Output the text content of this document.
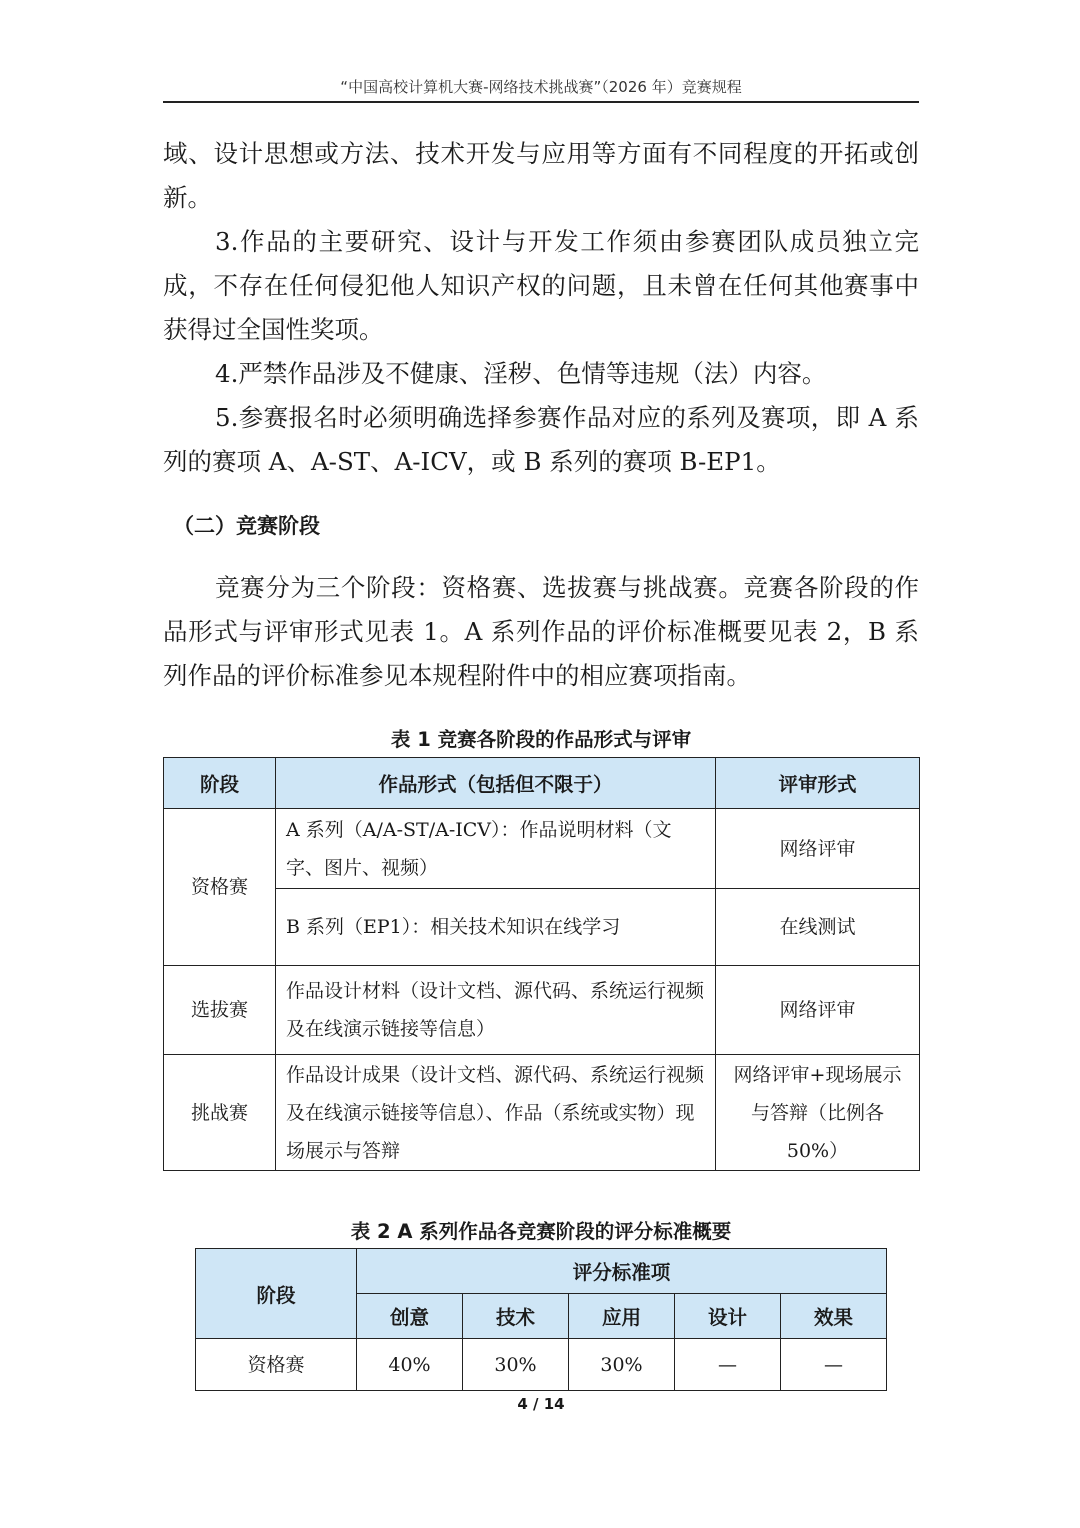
“中国高校计算机大赛-网络技术挑战赛”（2026 年）竞赛规程

域、设计思想或方法、技术开发与应用等方面有不同程度的开拓或创新。

3.作品的主要研究、设计与开发工作须由参赛团队成员独立完成，不存在任何侵犯他人知识产权的问题，且未曾在任何其他赛事中获得过全国性奖项。

4.严禁作品涉及不健康、淫秽、色情等违规（法）内容。

5.参赛报名时必须明确选择参赛作品对应的系列及赛项，即 A 系列的赛项 A、A-ST、A-ICV，或 B 系列的赛项 B-EP1。

（二）竞赛阶段

竞赛分为三个阶段：资格赛、选拔赛与挑战赛。竞赛各阶段的作品形式与评审形式见表 1。A 系列作品的评价标准概要见表 2，B 系列作品的评价标准参见本规程附件中的相应赛项指南。

表 1 竞赛各阶段的作品形式与评审
阶段	作品形式（包括但不限于）	评审形式
资格赛	A 系列（A/A-ST/A-ICV）：作品说明材料（文字、图片、视频）	网络评审
	B 系列（EP1）：相关技术知识在线学习	在线测试
选拔赛	作品设计材料（设计文档、源代码、系统运行视频及在线演示链接等信息）	网络评审
挑战赛	作品设计成果（设计文档、源代码、系统运行视频及在线演示链接等信息）、作品（系统或实物）现场展示与答辩	网络评审+现场展示与答辩（比例各 50%）
表 2 A 系列作品各竞赛阶段的评分标准概要
阶段	评分标准项				
	创意	技术	应用	设计	效果
资格赛	40%	30%	30%	—	—
4 / 14
